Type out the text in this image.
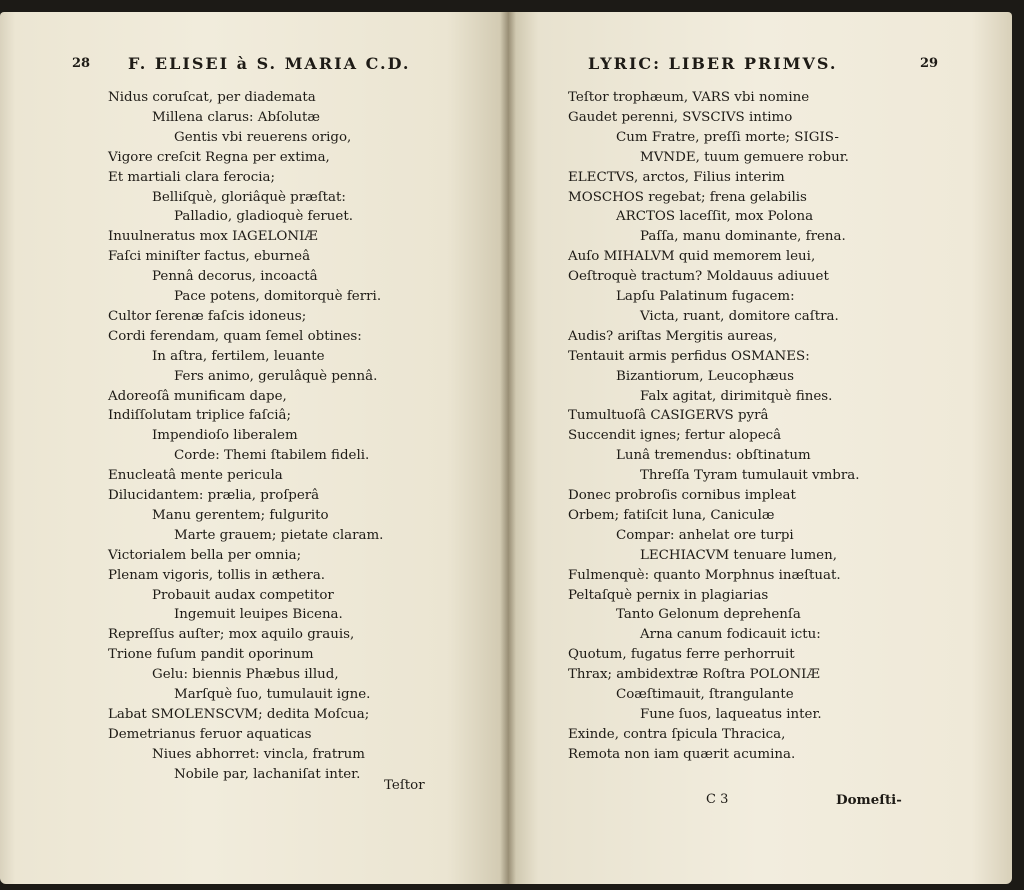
28 F. ELISEI à S. MARIA C.D.
Nidus coruſcat, per diademata
Millena clarus: Abſolutæ
Gentis vbi reuerens origo,
Vigore creſcit Regna per extima,
Et martiali clara ferocia;
Belliſquè, gloriâquè præſtat:
Palladio, gladioquè feruet.
Inuulneratus mox IAGELONIÆ
Faſci miniſter factus, eburneâ
Pennâ decorus, incoactâ
Pace potens, domitorquè ferri.
Cultor ſerenæ faſcis idoneus;
Cordi ferendam, quam ſemel obtines:
In aſtra, fertilem, leuante
Fers animo, gerulâquè pennâ.
Adoreoſâ munificam dape,
Indiſſolutam triplice faſciâ;
Impendioſo liberalem
Corde: Themi ſtabilem fideli.
Enucleatâ mente pericula
Dilucidantem: prælia, proſperâ
Manu gerentem; fulgurito
Marte grauem; pietate claram.
Victorialem bella per omnia;
Plenam vigoris, tollis in æthera.
Probauit audax competitor
Ingemuit leuipes Bicena.
Repreſſus auſter; mox aquilo grauis,
Trione fuſum pandit oporinum
Gelu: biennis Phæbus illud,
Marſquè ſuo, tumulauit igne.
Labat SMOLENSCVM; dedita Moſcua;
Demetrianus feruor aquaticas
Niues abhorret: vincla, fratrum
Nobile par, lachaniſat inter.
Teſtor
LYRIC: LIBER PRIMVS.	29
Teſtor trophæum, VARS vbi nomine
Gaudet perenni, SVSCIVS intimo
Cum Fratre, preſſi morte; SIGIS-
MVNDE, tuum gemuere robur.
ELECTVS, arctos, Filius interim
MOSCHOS regebat; frena gelabilis
ARCTOS laceſſit, mox Polona
Paſſa, manu dominante, frena.
Auſo MIHALVM quid memorem leui,
Oeſtroquè tractum? Moldauus adiuuet
Lapſu Palatinum fugacem:
Victa, ruant, domitore caſtra.
Audis? ariſtas Mergitis aureas,
Tentauit armis perfidus OSMANES:
Bizantiorum, Leucophæus
Falx agitat, dirimitquè fines.
Tumultuoſâ CASIGERVS pyrâ
Succendit ignes; fertur alopecâ
Lunâ tremendus: obſtinatum
Threſſa Tyram tumulauit vmbra.
Donec probroſis cornibus impleat
Orbem; fatiſcit luna, Caniculæ
Compar: anhelat ore turpi
LECHIACVM tenuare lumen,
Fulmenquè: quanto Morphnus inæſtuat.
Peltaſquè pernix in plagiarias
Tanto Gelonum deprehenſa
Arna canum fodicauit ictu:
Quotum, fugatus ferre perhorruit
Thrax; ambidextræ Roſtra POLONIÆ
Coæſtimauit, ſtrangulante
Fune ſuos, laqueatus inter.
Exinde, contra ſpicula Thracica,
Remota non iam quærit acumina.
C 3	Domeſti-
